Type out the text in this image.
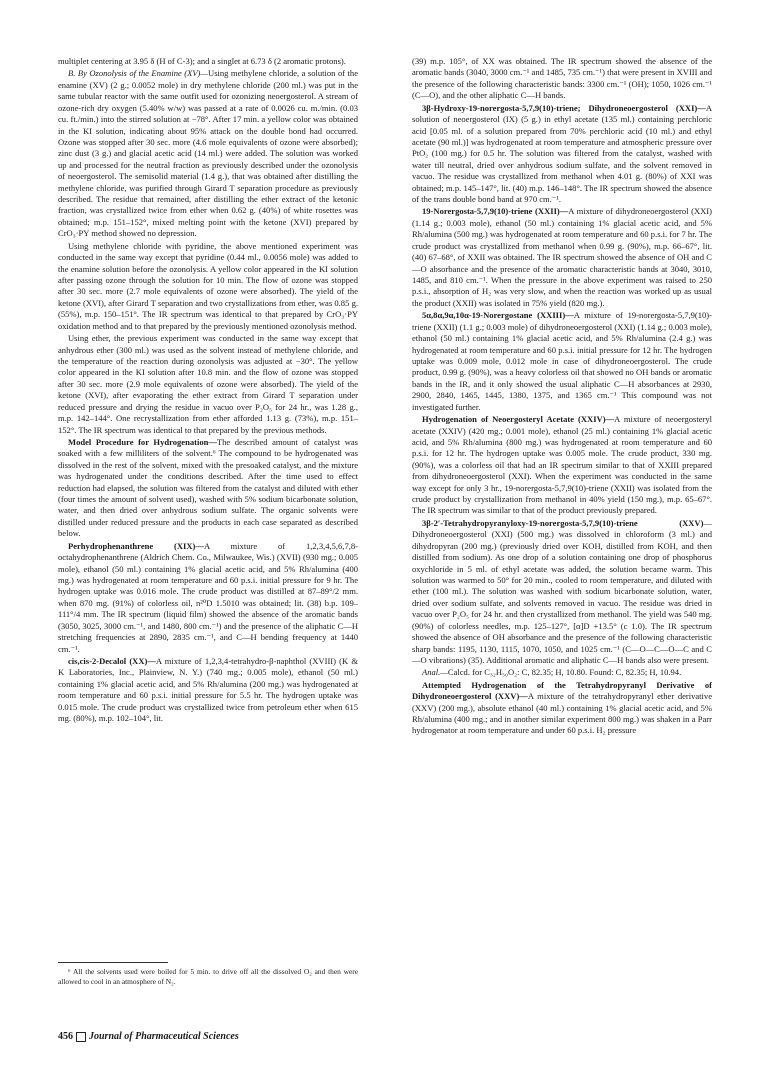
multiplet centering at 3.95 δ (H of C-3); and a singlet at 6.73 δ (2 aromatic protons).

B. By Ozonolysis of the Enamine (XV)—Using methylene chloride, a solution of the enamine (XV) (2 g.; 0.0052 mole) in dry methylene chloride (200 ml.) was put in the same tubular reactor with the same outfit used for ozonizing neoergosterol. A stream of ozone-rich dry oxygen (5.40% w/w) was passed at a rate of 0.0026 cu. m./min. (0.03 cu. ft./min.) into the stirred solution at −78°. After 17 min. a yellow color was obtained in the KI solution, indicating about 95% attack on the double bond had occurred. Ozone was stopped after 30 sec. more (4.6 mole equivalents of ozone were absorbed); zinc dust (3 g.) and glacial acetic acid (14 ml.) were added. The solution was worked up and processed for the neutral fraction as previously described under the ozonolysis of neoergosterol. The semisolid material (1.4 g.), that was obtained after distilling the methylene chloride, was purified through Girard T separation procedure as previously described. The residue that remained, after distilling the ether extract of the ketonic fraction, was crystallized twice from ether when 0.62 g. (40%) of white rosettes was obtained; m.p. 151–152°, mixed melting point with the ketone (XVI) prepared by CrO₃·PY method showed no depression.

Using methylene chloride with pyridine, the above mentioned experiment was conducted in the same way except that pyridine (0.44 ml., 0.0056 mole) was added to the enamine solution before the ozonolysis. A yellow color appeared in the KI solution after passing ozone through the solution for 10 min. The flow of ozone was stopped after 30 sec. more (2.7 mole equivalents of ozone were absorbed). The yield of the ketone (XVI), after Girard T separation and two crystallizations from ether, was 0.85 g. (55%), m.p. 150–151°. The IR spectrum was identical to that prepared by CrO₃·PY oxidation method and to that prepared by the previously mentioned ozonolysis method.

Using ether, the previous experiment was conducted in the same way except that anhydrous ether (300 ml.) was used as the solvent instead of methylene chloride, and the temperature of the reaction during ozonolysis was adjusted at −30°. The yellow color appeared in the KI solution after 10.8 min. and the flow of ozone was stopped after 30 sec. more (2.9 mole equivalents of ozone were absorbed). The yield of the ketone (XVI), after evaporating the ether extract from Girard T separation under reduced pressure and drying the residue in vacuo over P₂O₅ for 24 hr., was 1.28 g., m.p. 142–144°. One recrystallization from ether afforded 1.13 g. (73%), m.p. 151–152°. The IR spectrum was identical to that prepared by the previous methods.

Model Procedure for Hydrogenation—The described amount of catalyst was soaked with a few milliliters of the solvent.⁶ The compound to be hydrogenated was dissolved in the rest of the solvent, mixed with the presoaked catalyst, and the mixture was hydrogenated under the conditions described. After the time used to effect reduction had elapsed, the solution was filtered from the catalyst and diluted with ether (four times the amount of solvent used), washed with 5% sodium bicarbonate solution, water, and then dried over anhydrous sodium sulfate. The organic solvents were distilled under reduced pressure and the products in each case separated as described below.

Perhydrophenanthrene (XIX)—A mixture of 1,2,3,4,5,6,7,8-octahydrophenanthrene (Aldrich Chem. Co., Milwaukee, Wis.) (XVII) (930 mg.; 0.005 mole), ethanol (50 ml.) containing 1% glacial acetic acid, and 5% Rh/alumina (400 mg.) was hydrogenated at room temperature and 60 p.s.i. initial pressure for 9 hr. The hydrogen uptake was 0.016 mole. The crude product was distilled at 87–89°/2 mm. when 870 mg. (91%) of colorless oil, n²⁰D 1.5010 was obtained; lit. (38) b.p. 109–111°/4 mm. The IR spectrum (liquid film) showed the absence of the aromatic bands (3050, 3025, 3000 cm.⁻¹, and 1480, 800 cm.⁻¹) and the presence of the aliphatic C—H stretching frequencies at 2890, 2835 cm.⁻¹, and C—H bending frequency at 1440 cm.⁻¹.

cis,cis-2-Decalol (XX)—A mixture of 1,2,3,4-tetrahydro-β-naphthol (XVIII) (K & K Laboratories, Inc., Plainview, N. Y.) (740 mg.; 0.005 mole), ethanol (50 ml.) containing 1% glacial acetic acid, and 5% Rh/alumina (200 mg.) was hydrogenated at room temperature and 60 p.s.i. initial pressure for 5.5 hr. The hydrogen uptake was 0.015 mole. The crude product was crystallized twice from petroleum ether when 615 mg. (80%), m.p. 102–104°, lit.

(39) m.p. 105°, of XX was obtained. The IR spectrum showed the absence of the aromatic bands (3040, 3000 cm.⁻¹ and 1485, 735 cm.⁻¹) that were present in XVIII and the presence of the following characteristic bands: 3300 cm.⁻¹ (OH); 1050, 1026 cm.⁻¹ (C—O), and the other aliphatic C—H bands.

3β-Hydroxy-19-norergosta-5,7,9(10)-triene; Dihydroneoergosterol (XXI)—A solution of neoergosterol (IX) (5 g.) in ethyl acetate (135 ml.) containing perchloric acid [0.05 ml. of a solution prepared from 70% perchloric acid (10 ml.) and ethyl acetate (90 ml.)] was hydrogenated at room temperature and atmospheric pressure over PtO₂ (100 mg.) for 0.5 hr. The solution was filtered from the catalyst, washed with water till neutral, dried over anhydrous sodium sulfate, and the solvent removed in vacuo. The residue was crystallized from methanol when 4.01 g. (80%) of XXI was obtained; m.p. 145–147°, lit. (40) m.p. 146–148°. The IR spectrum showed the absence of the trans double bond band at 970 cm.⁻¹.

19-Norergosta-5,7,9(10)-triene (XXII)—A mixture of dihydroneoergosterol (XXI) (1.14 g.; 0.003 mole), ethanol (50 ml.) containing 1% glacial acetic acid, and 5% Rh/alumina (500 mg.) was hydrogenated at room temperature and 60 p.s.i. for 7 hr. The crude product was crystallized from methanol when 0.99 g. (90%), m.p. 66–67°, lit. (40) 67–68°, of XXII was obtained. The IR spectrum showed the absence of OH and C—O absorbance and the presence of the aromatic characteristic bands at 3040, 3010, 1485, and 810 cm.⁻¹. When the pressure in the above experiment was raised to 250 p.s.i., absorption of H₂ was very slow, and when the reaction was worked up as usual the product (XXII) was isolated in 75% yield (820 mg.).

5α,8α,9α,10α-19-Norergostane (XXIII)—A mixture of 19-norergosta-5,7,9(10)-triene (XXII) (1.1 g.; 0.003 mole) of dihydroneoergosterol (XXI) (1.14 g.; 0.003 mole), ethanol (50 ml.) containing 1% glacial acetic acid, and 5% Rh/alumina (2.4 g.) was hydrogenated at room temperature and 60 p.s.i. initial pressure for 12 hr. The hydrogen uptake was 0.009 mole, 0.012 mole in case of dihydroneoergosterol. The crude product, 0.99 g. (90%), was a heavy colorless oil that showed no OH bands or aromatic bands in the IR, and it only showed the usual aliphatic C—H absorbances at 2930, 2900, 2840, 1465, 1445, 1380, 1375, and 1365 cm.⁻¹ This compound was not investigated further.

Hydrogenation of Neoergosteryl Acetate (XXIV)—A mixture of neoergosteryl acetate (XXIV) (420 mg.; 0.001 mole), ethanol (25 ml.) containing 1% glacial acetic acid, and 5% Rh/alumina (800 mg.) was hydrogenated at room temperature and 60 p.s.i. for 12 hr. The hydrogen uptake was 0.005 mole. The crude product, 330 mg. (90%), was a colorless oil that had an IR spectrum similar to that of XXIII prepared from dihydroneoergosterol (XXI). When the experiment was conducted in the same way except for only 3 hr., 19-norergosta-5,7,9(10)-triene (XXII) was isolated from the crude product by crystallization from methanol in 40% yield (150 mg.), m.p. 65–67°. The IR spectrum was similar to that of the product previously prepared.

3β-2′-Tetrahydropyranyloxy-19-norergosta-5,7,9(10)-triene (XXV)—Dihydroneoergosterol (XXI) (500 mg.) was dissolved in chloroform (3 ml.) and dihydropyran (200 mg.) (previously dried over KOH, distilled from KOH, and then distilled from sodium). As one drop of a solution containing one drop of phosphorus oxychloride in 5 ml. of ethyl acetate was added, the solution became warm. This solution was warmed to 50° for 20 min., cooled to room temperature, and diluted with ether (100 ml.). The solution was washed with sodium bicarbonate solution, water, dried over sodium sulfate, and solvents removed in vacuo. The residue was dried in vacuo over P₂O₅ for 24 hr. and then crystallized from methanol. The yield was 540 mg. (90%) of colorless needles, m.p. 125–127°, [α]D +13.5° (c 1.0). The IR spectrum showed the absence of OH absorbance and the presence of the following characteristic sharp bands: 1195, 1130, 1115, 1070, 1050, and 1025 cm.⁻¹ (C—O—C—O—C and C—O vibrations) (35). Additional aromatic and aliphatic C—H bands also were present.

Anal.—Calcd. for C₃₂H₅₀O₂: C, 82.35; H, 10.80. Found: C, 82.35; H, 10.94.

Attempted Hydrogenation of the Tetrahydropyranyl Derivative of Dihydroneoergosterol (XXV)—A mixture of the tetrahydropyranyl ether derivative (XXV) (200 mg.), absolute ethanol (40 ml.) containing 1% glacial acetic acid, and 5% Rh/alumina (400 mg.; and in another similar experiment 800 mg.) was shaken in a Parr hydrogenator at room temperature and under 60 p.s.i. H₂ pressure

⁶ All the solvents used were boiled for 5 min. to drive off all the dissolved O₂ and then were allowed to cool in an atmosphere of N₂.

456 Journal of Pharmaceutical Sciences
